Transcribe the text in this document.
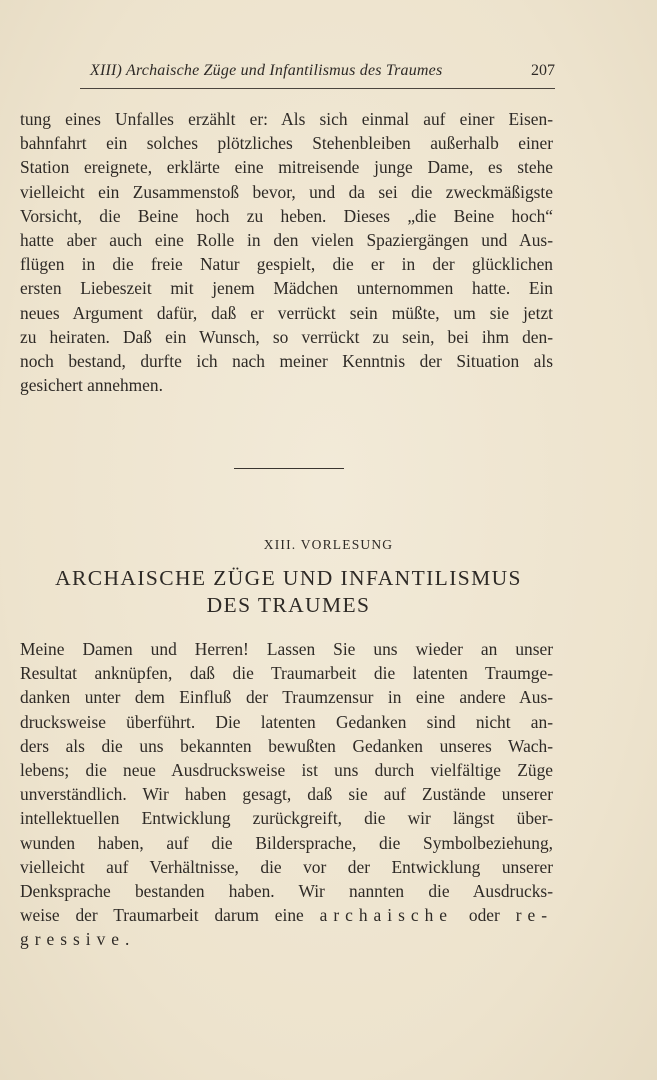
XIII) Archaische Züge und Infantilismus des Traumes	207
tung eines Unfalles erzählt er: Als sich einmal auf einer Eisen-
bahnfahrt ein solches plötzliches Stehenbleiben außerhalb einer
Station ereignete, erklärte eine mitreisende junge Dame, es stehe
vielleicht ein Zusammenstoß bevor, und da sei die zweckmäßigste
Vorsicht, die Beine hoch zu heben. Dieses „die Beine hoch“
hatte aber auch eine Rolle in den vielen Spaziergängen und Aus-
flügen in die freie Natur gespielt, die er in der glücklichen
ersten Liebeszeit mit jenem Mädchen unternommen hatte. Ein
neues Argument dafür, daß er verrückt sein müßte, um sie jetzt
zu heiraten. Daß ein Wunsch, so verrückt zu sein, bei ihm den-
noch bestand, durfte ich nach meiner Kenntnis der Situation als
gesichert annehmen.
XIII. VORLESUNG
ARCHAISCHE ZÜGE UND INFANTILISMUS
DES TRAUMES
Meine Damen und Herren! Lassen Sie uns wieder an unser
Resultat anknüpfen, daß die Traumarbeit die latenten Traumge-
danken unter dem Einfluß der Traumzensur in eine andere Aus-
drucksweise überführt. Die latenten Gedanken sind nicht an-
ders als die uns bekannten bewußten Gedanken unseres Wach-
lebens; die neue Ausdrucksweise ist uns durch vielfältige Züge
unverständlich. Wir haben gesagt, daß sie auf Zustände unserer
intellektuellen Entwicklung zurückgreift, die wir längst über-
wunden haben, auf die Bildersprache, die Symbolbeziehung,
vielleicht auf Verhältnisse, die vor der Entwicklung unserer
Denksprache bestanden haben. Wir nannten die Ausdrucks-
weise der Traumarbeit darum eine archaische oder re-
gressive.
